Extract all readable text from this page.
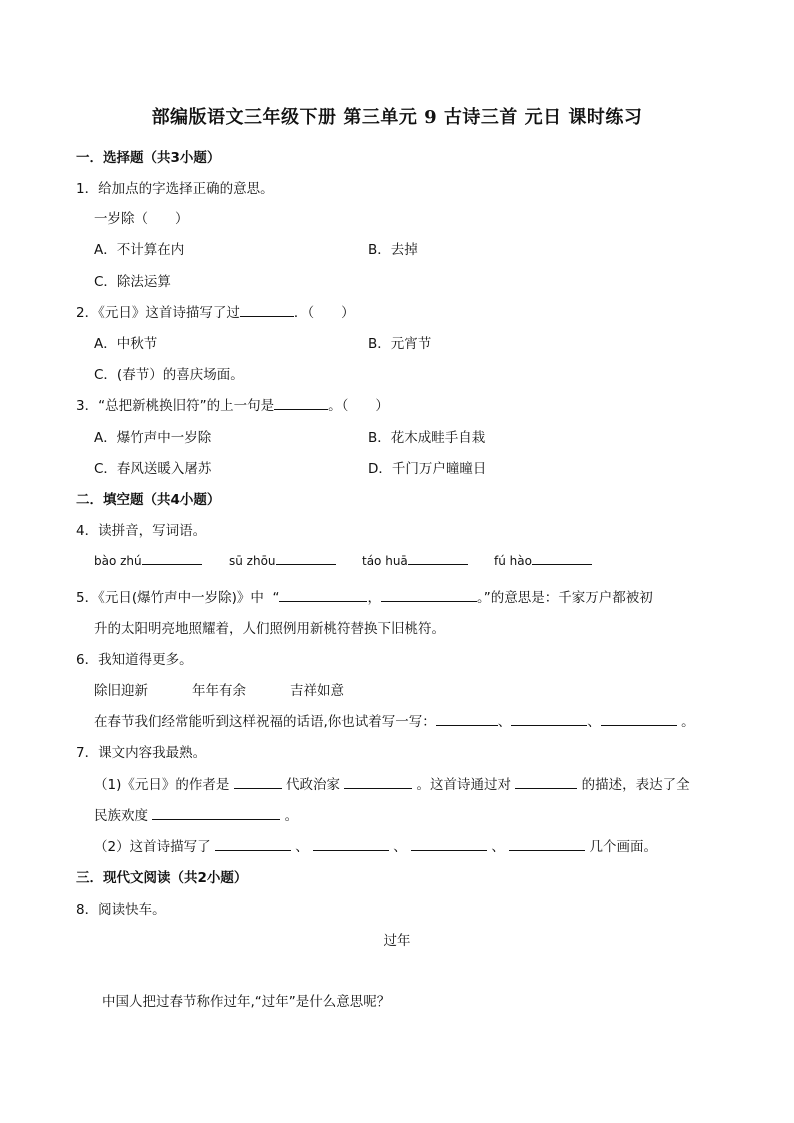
部编版语文三年级下册 第三单元 9 古诗三首 元日 课时练习
一．选择题（共3小题）
1．给加点的字选择正确的意思。
一岁除（　　）
A．不计算在内	B．去掉
C．除法运算
2．《元日》这首诗描写了过	．（　　）
A．中秋节	B．元宵节
C．(春节）的喜庆场面。
3．“总把新桃换旧符”的上一句是	。（　　）
A．爆竹声中一岁除	B．花木成畦手自栽
C．春风送暖入屠苏	D．千门万户曈曈日
二．填空题（共4小题）
4．读拼音，写词语。
bào zhú	sū zhōu	táo huā	fú hào
5．《元日(爆竹声中一岁除)》中 “	，	。”的意思是：千家万户都被初
升的太阳明亮地照耀着，人们照例用新桃符替换下旧桃符。
6．我知道得更多。
除旧迎新	年年有余	吉祥如意
在春节我们经常能听到这样祝福的话语,你也试着写一写：	、	、	。
7．课文内容我最熟。
（1)《元日》的作者是	代政治家	。这首诗通过对	的描述，表达了全
民族欢度	。
（2）这首诗描写了	、	、	、	几个画面。
三．现代文阅读（共2小题）
8．阅读快车。
过年
中国人把过春节称作过年,“过年”是什么意思呢？
